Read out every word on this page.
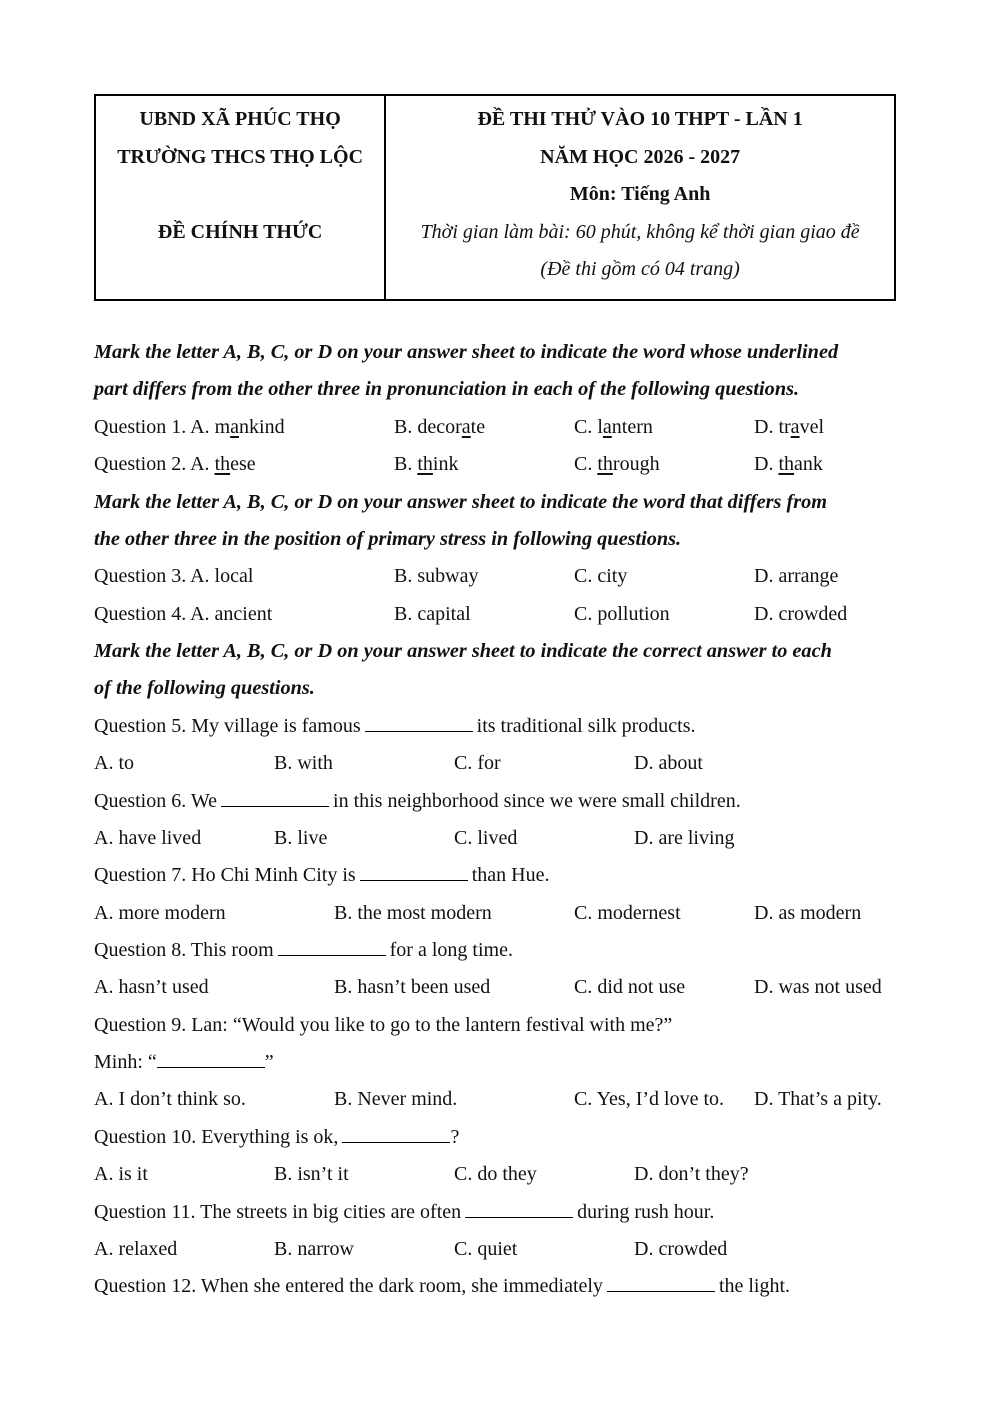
UBND XÃ PHÚC THỌ
TRƯỜNG THCS THỌ LỘC
ĐỀ CHÍNH THỨC

ĐỀ THI THỬ VÀO 10 THPT - LẦN 1
NĂM HỌC 2026 - 2027
Môn: Tiếng Anh
Thời gian làm bài: 60 phút, không kể thời gian giao đề
(Đề thi gồm có 04 trang)
Mark the letter A, B, C, or D on your answer sheet to indicate the word whose underlined
part differs from the other three in pronunciation in each of the following questions.
Question 1. A. mankind	B. decorate	C. lantern	D. travel
Question 2. A. these	B. think	C. through	D. thank
Mark the letter A, B, C, or D on your answer sheet to indicate the word that differs from
the other three in the position of primary stress in following questions.
Question 3. A. local	B. subway	C. city	D. arrange
Question 4. A. ancient	B. capital	C. pollution	D. crowded
Mark the letter A, B, C, or D on your answer sheet to indicate the correct answer to each
of the following questions.
Question 5. My village is famous	its traditional silk products.
A. to	B. with	C. for	D. about
Question 6. We	in this neighborhood since we were small children.
A. have lived	B. live	C. lived	D. are living
Question 7. Ho Chi Minh City is	than Hue.
A. more modern	B. the most modern	C. modernest	D. as modern
Question 8. This room	for a long time.
A. hasn’t used	B. hasn’t been used	C. did not use	D. was not used
Question 9. Lan: “Would you like to go to the lantern festival with me?”
Minh: “	”
A. I don’t think so.	B. Never mind.	C. Yes, I’d love to. D. That’s a pity.
Question 10. Everything is ok,	?
A. is it	B. isn’t it	C. do they	D. don’t they?
Question 11. The streets in big cities are often	during rush hour.
A. relaxed	B. narrow	C. quiet	D. crowded
Question 12. When she entered the dark room, she immediately	the light.
